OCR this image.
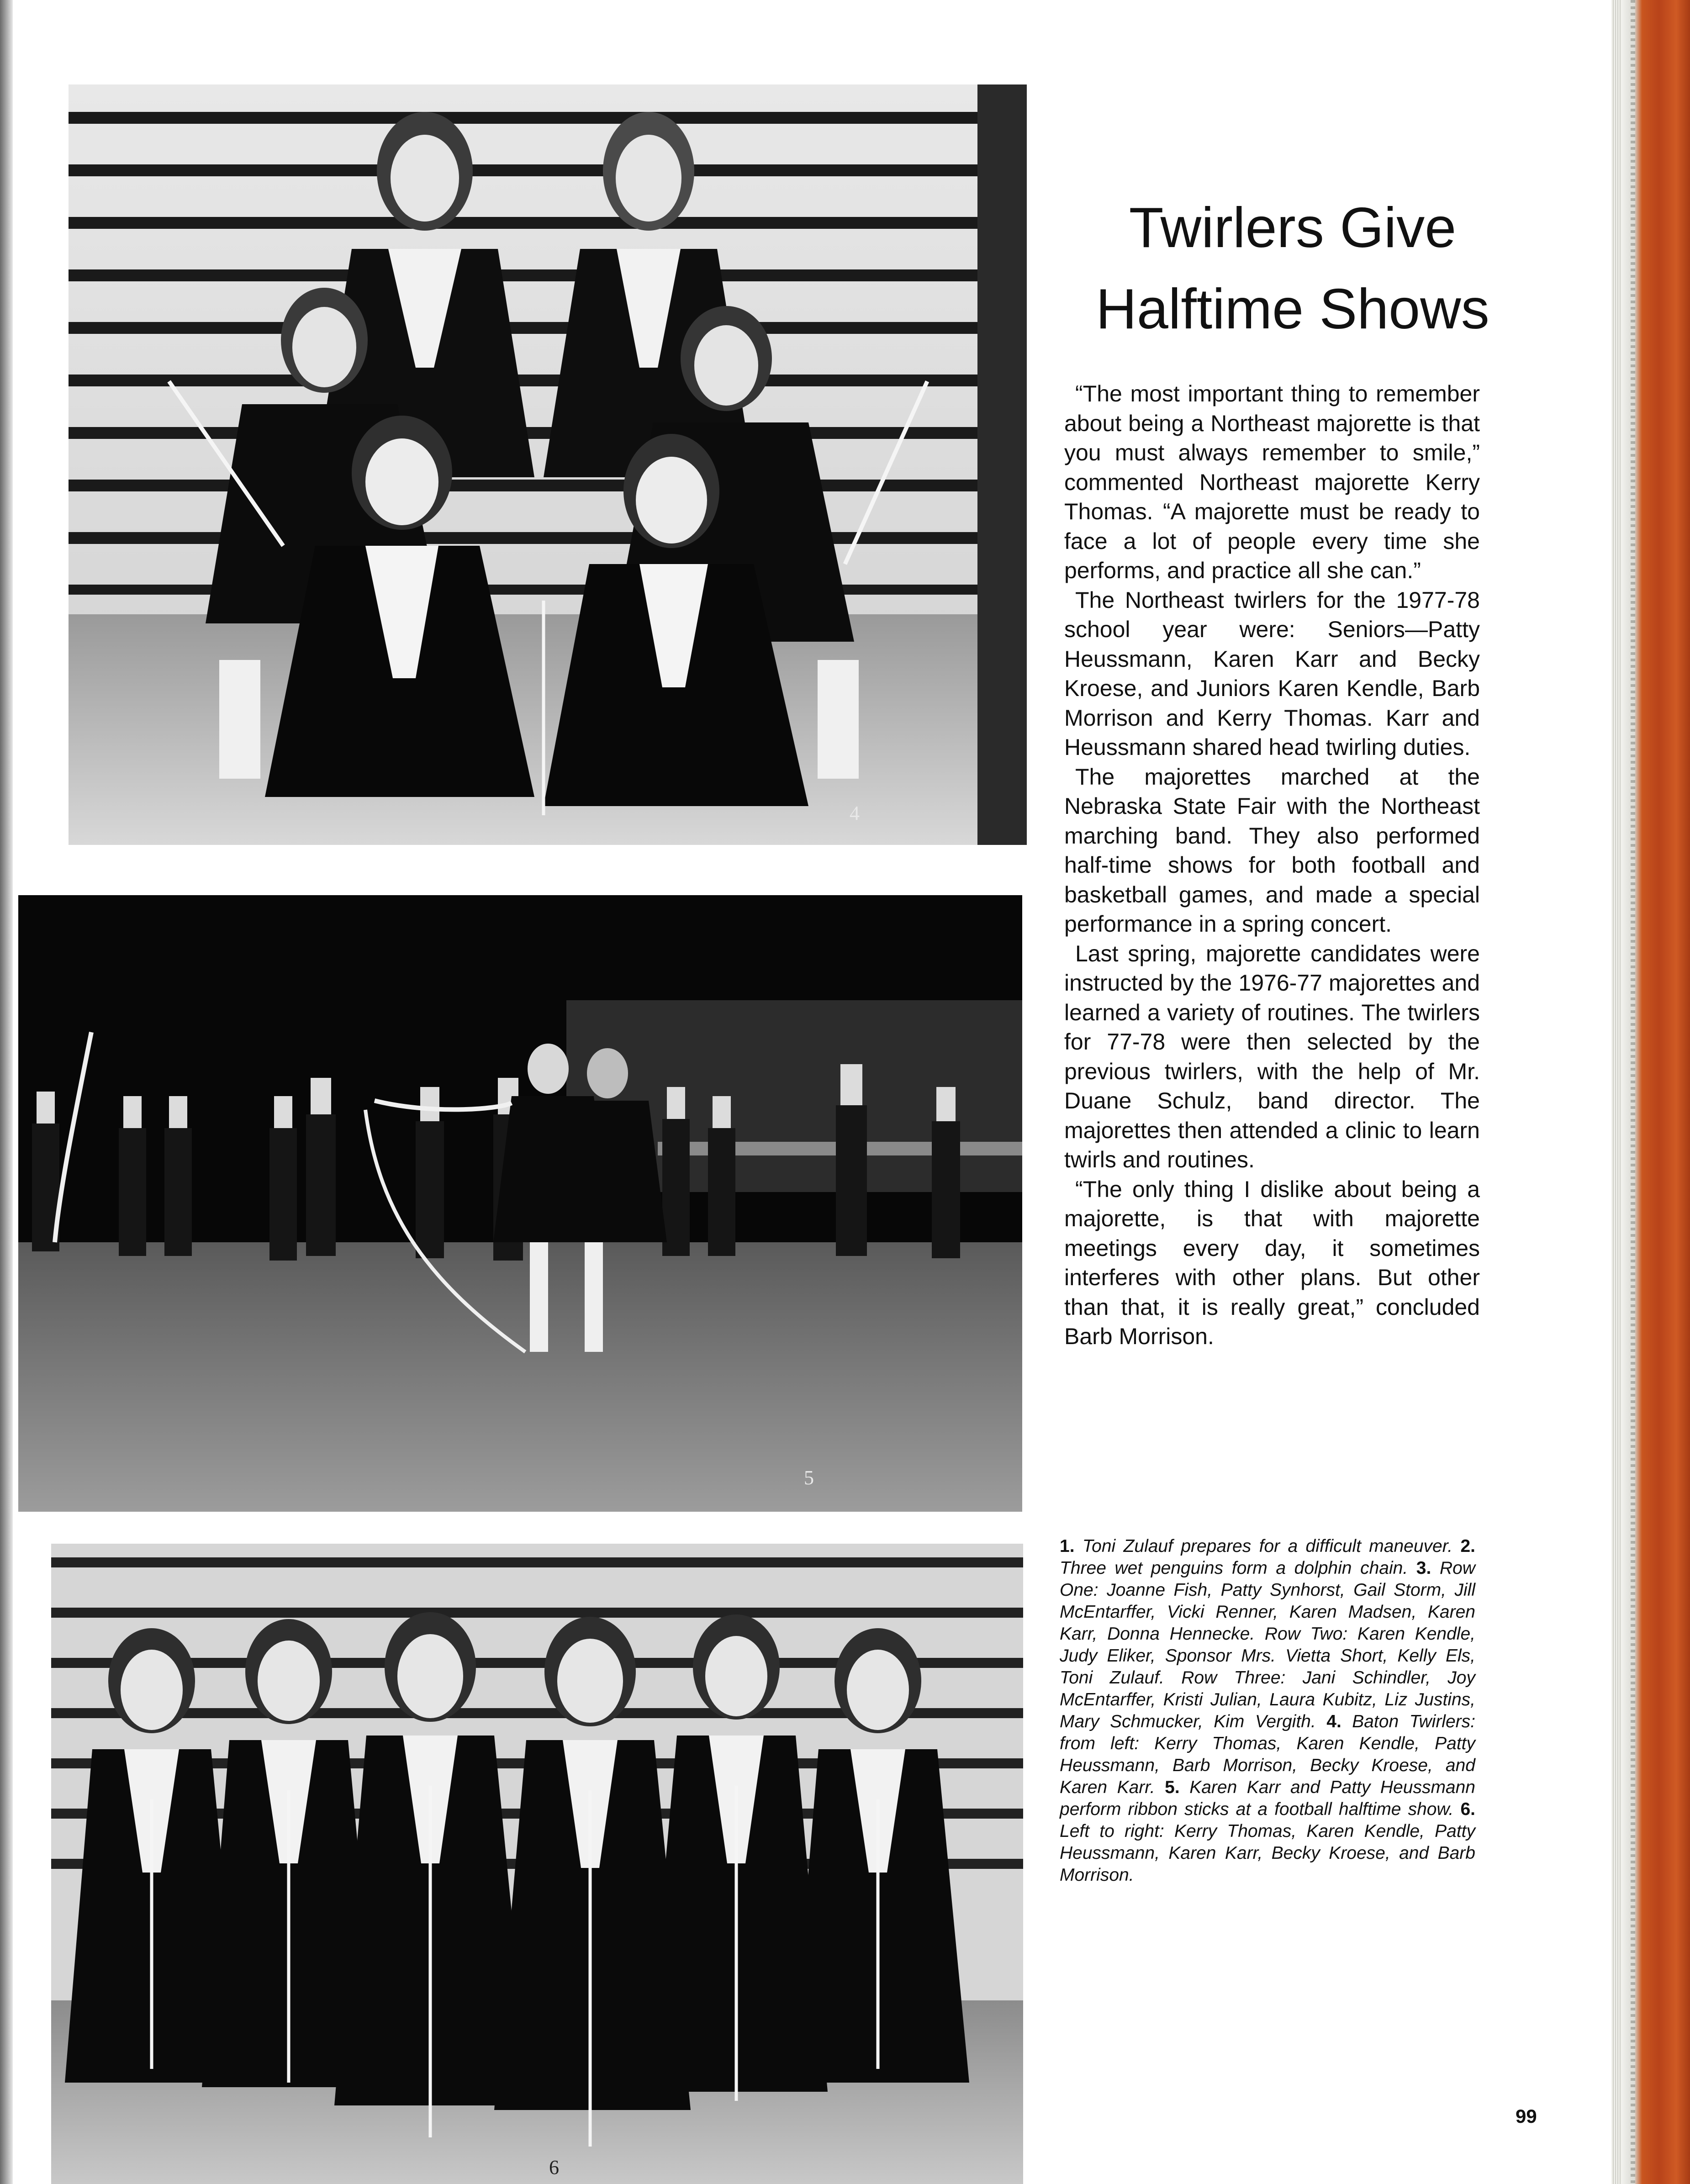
4
5
6
Twirlers Give
Halftime Shows

“The most important thing to remember about being a Northeast majorette is that you must always remember to smile,” commented Northeast majorette Kerry Thomas. “A majorette must be ready to face a lot of people every time she performs, and practice all she can.”

The Northeast twirlers for the 1977-78 school year were: Seniors—Patty Heussmann, Karen Karr and Becky Kroese, and Juniors Karen Kendle, Barb Morrison and Kerry Thomas. Karr and Heussmann shared head twirling duties.

The majorettes marched at the Nebraska State Fair with the Northeast marching band. They also performed half-time shows for both football and basketball games, and made a special performance in a spring concert.

Last spring, majorette candidates were instructed by the 1976-77 majorettes and learned a variety of routines. The twirlers for 77-78 were then selected by the previous twirlers, with the help of Mr. Duane Schulz, band director. The majorettes then attended a clinic to learn twirls and routines.

“The only thing I dislike about being a majorette, is that with majorette meetings every day, it sometimes interferes with other plans. But other than that, it is really great,” concluded Barb Morrison.

1. Toni Zulauf prepares for a difficult maneuver. 2. Three wet penguins form a dolphin chain. 3. Row One: Joanne Fish, Patty Synhorst, Gail Storm, Jill McEntarffer, Vicki Renner, Karen Madsen, Karen Karr, Donna Hennecke. Row Two: Karen Kendle, Judy Eliker, Sponsor Mrs. Vietta Short, Kelly Els, Toni Zulauf. Row Three: Jani Schindler, Joy McEntarffer, Kristi Julian, Laura Kubitz, Liz Justins, Mary Schmucker, Kim Vergith. 4. Baton Twirlers: from left: Kerry Thomas, Karen Kendle, Patty Heussmann, Barb Morrison, Becky Kroese, and Karen Karr. 5. Karen Karr and Patty Heussmann perform ribbon sticks at a football halftime show. 6. Left to right: Kerry Thomas, Karen Kendle, Patty Heussmann, Karen Karr, Becky Kroese, and Barb Morrison.
99
